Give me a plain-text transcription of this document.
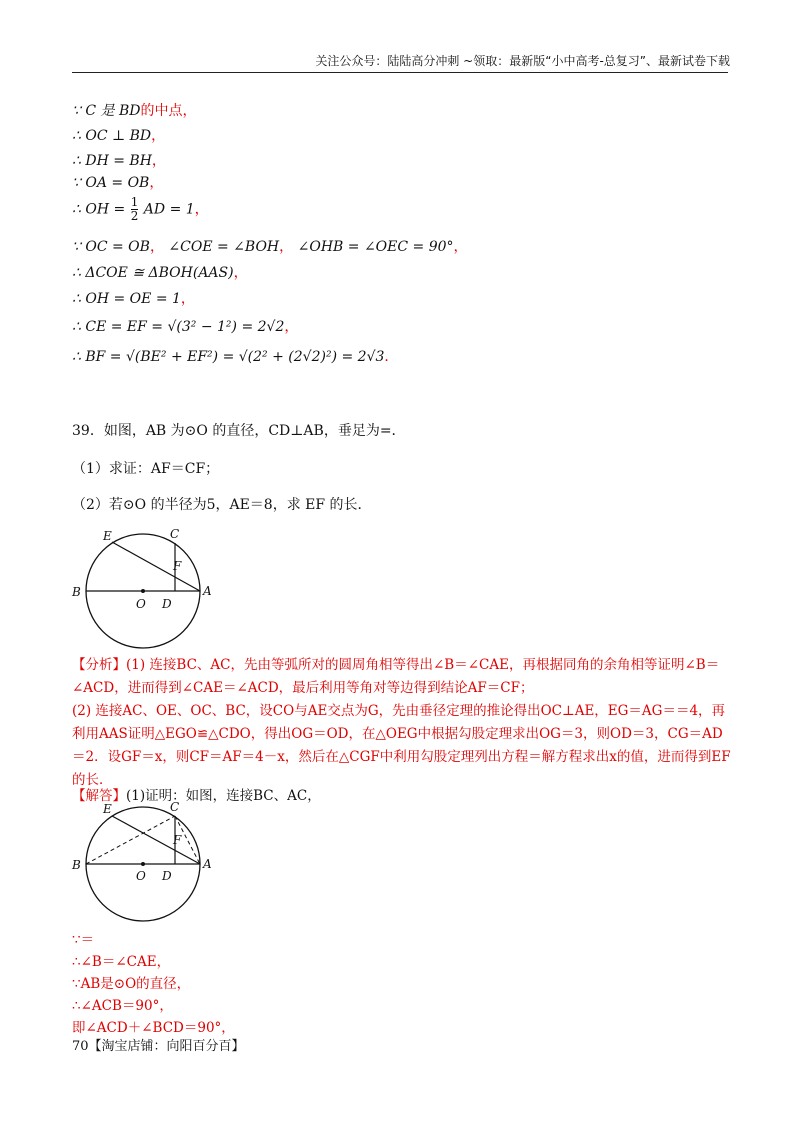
关注公众号：陆陆高分冲刺 ~领取：最新版“小中高考-总复习”、最新试卷下载
∵ C 是 BD的中点，
∴ OC ⊥ BD，
∴ DH = BH，
∵ OA = OB，
∴ OH = $\frac{1}{2}$ AD = 1，
∵ OC = OB， ∠COE = ∠BOH， ∠OHB = ∠OEC = 90°，
∴ ΔCOE ≅ ΔBOH(AAS)，
∴ OH = OE = 1，
∴ CE = EF = √(3² − 1²) = 2√2，
∴ BF = √(BE² + EF²) = √(2² + (2√2)²) = 2√3．
39．如图，AB 为⊙O 的直径，CD⊥AB，垂足为=．
（1）求证：AF＝CF；
（2）若⊙O 的半径为5，AE＝8，求 EF 的长．
E	C
F
B
O D
A
【分析】(1) 连接BC、AC，先由等弧所对的圆周角相等得出∠B＝∠CAE，再根据同角的余角相等证明∠B＝∠ACD，进而得到∠CAE＝∠ACD，最后利用等角对等边得到结论AF＝CF；
(2) 连接AC、OE、OC、BC，设CO与AE交点为G，先由垂径定理的推论得出OC⊥AE，EG＝AG＝＝4，再利用AAS证明△EGO≌△CDO，得出OG＝OD，在△OEG中根据勾股定理求出OG＝3，则OD＝3，CG＝AD＝2．设GF＝x，则CF＝AF＝4－x，然后在△CGF中利用勾股定理列出方程＝解方程求出x的值，进而得到EF的长．
【解答】(1)证明：如图，连接BC、AC，
E	C
F
B
O D
A
∵＝
∴∠B＝∠CAE，
∵AB是⊙O的直径，
∴∠ACB＝90°，
即∠ACD＋∠BCD＝90°，
70【淘宝店铺：向阳百分百】
